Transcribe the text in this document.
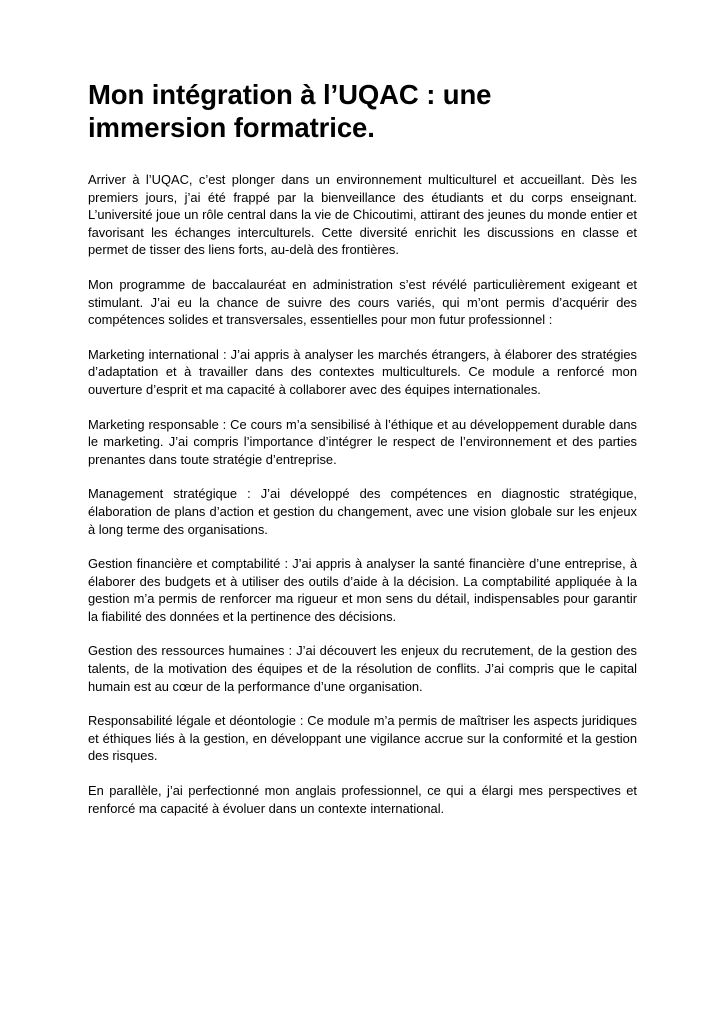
Mon intégration à l’UQAC : une immersion formatrice.

Arriver à l’UQAC, c’est plonger dans un environnement multiculturel et accueillant. Dès les premiers jours, j’ai été frappé par la bienveillance des étudiants et du corps enseignant. L’université joue un rôle central dans la vie de Chicoutimi, attirant des jeunes du monde entier et favorisant les échanges interculturels. Cette diversité enrichit les discussions en classe et permet de tisser des liens forts, au-delà des frontières.

Mon programme de baccalauréat en administration s’est révélé particulièrement exigeant et stimulant. J’ai eu la chance de suivre des cours variés, qui m’ont permis d’acquérir des compétences solides et transversales, essentielles pour mon futur professionnel :

Marketing international : J’ai appris à analyser les marchés étrangers, à élaborer des stratégies d’adaptation et à travailler dans des contextes multiculturels. Ce module a renforcé mon ouverture d’esprit et ma capacité à collaborer avec des équipes internationales.

Marketing responsable : Ce cours m’a sensibilisé à l’éthique et au développement durable dans le marketing. J’ai compris l’importance d’intégrer le respect de l’environnement et des parties prenantes dans toute stratégie d’entreprise.

Management stratégique : J’ai développé des compétences en diagnostic stratégique, élaboration de plans d’action et gestion du changement, avec une vision globale sur les enjeux à long terme des organisations.

Gestion financière et comptabilité : J’ai appris à analyser la santé financière d’une entreprise, à élaborer des budgets et à utiliser des outils d’aide à la décision. La comptabilité appliquée à la gestion m’a permis de renforcer ma rigueur et mon sens du détail, indispensables pour garantir la fiabilité des données et la pertinence des décisions.

Gestion des ressources humaines : J’ai découvert les enjeux du recrutement, de la gestion des talents, de la motivation des équipes et de la résolution de conflits. J’ai compris que le capital humain est au cœur de la performance d’une organisation.

Responsabilité légale et déontologie : Ce module m’a permis de maîtriser les aspects juridiques et éthiques liés à la gestion, en développant une vigilance accrue sur la conformité et la gestion des risques.

En parallèle, j’ai perfectionné mon anglais professionnel, ce qui a élargi mes perspectives et renforcé ma capacité à évoluer dans un contexte international.
